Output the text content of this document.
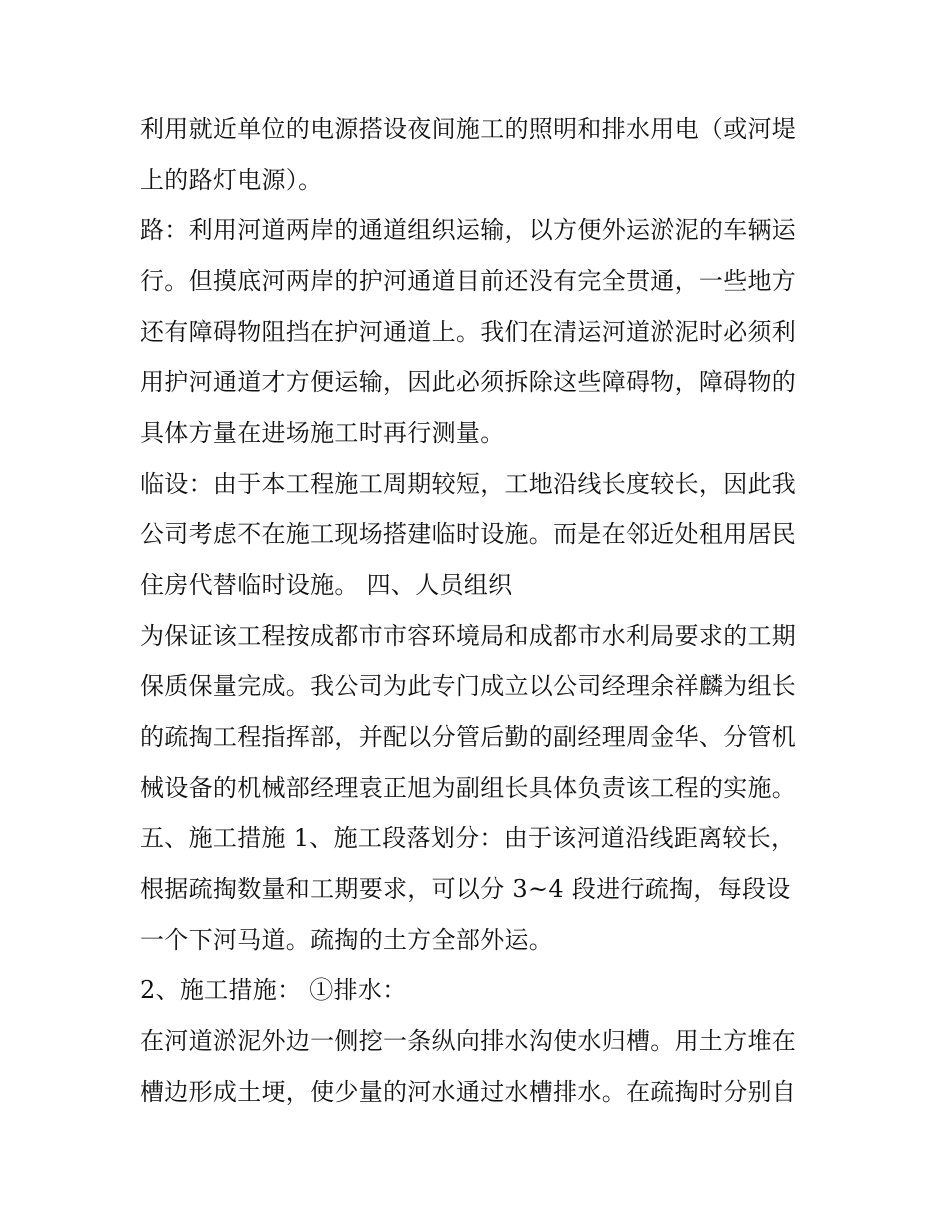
利用就近单位的电源搭设夜间施工的照明和排水用电（或河堤
上的路灯电源）。
路：利用河道两岸的通道组织运输，以方便外运淤泥的车辆运
行。但摸底河两岸的护河通道目前还没有完全贯通，一些地方
还有障碍物阻挡在护河通道上。我们在清运河道淤泥时必须利
用护河通道才方便运输，因此必须拆除这些障碍物，障碍物的
具体方量在进场施工时再行测量。
临设：由于本工程施工周期较短，工地沿线长度较长，因此我
公司考虑不在施工现场搭建临时设施。而是在邻近处租用居民
住房代替临时设施。 四、人员组织
为保证该工程按成都市市容环境局和成都市水利局要求的工期
保质保量完成。我公司为此专门成立以公司经理余祥麟为组长
的疏掏工程指挥部，并配以分管后勤的副经理周金华、分管机
械设备的机械部经理袁正旭为副组长具体负责该工程的实施。
五、施工措施 1、施工段落划分：由于该河道沿线距离较长，
根据疏掏数量和工期要求，可以分 3~4 段进行疏掏，每段设
一个下河马道。疏掏的土方全部外运。
2、施工措施： ①排水：
在河道淤泥外边一侧挖一条纵向排水沟使水归槽。用土方堆在
槽边形成土埂，使少量的河水通过水槽排水。在疏掏时分别自
